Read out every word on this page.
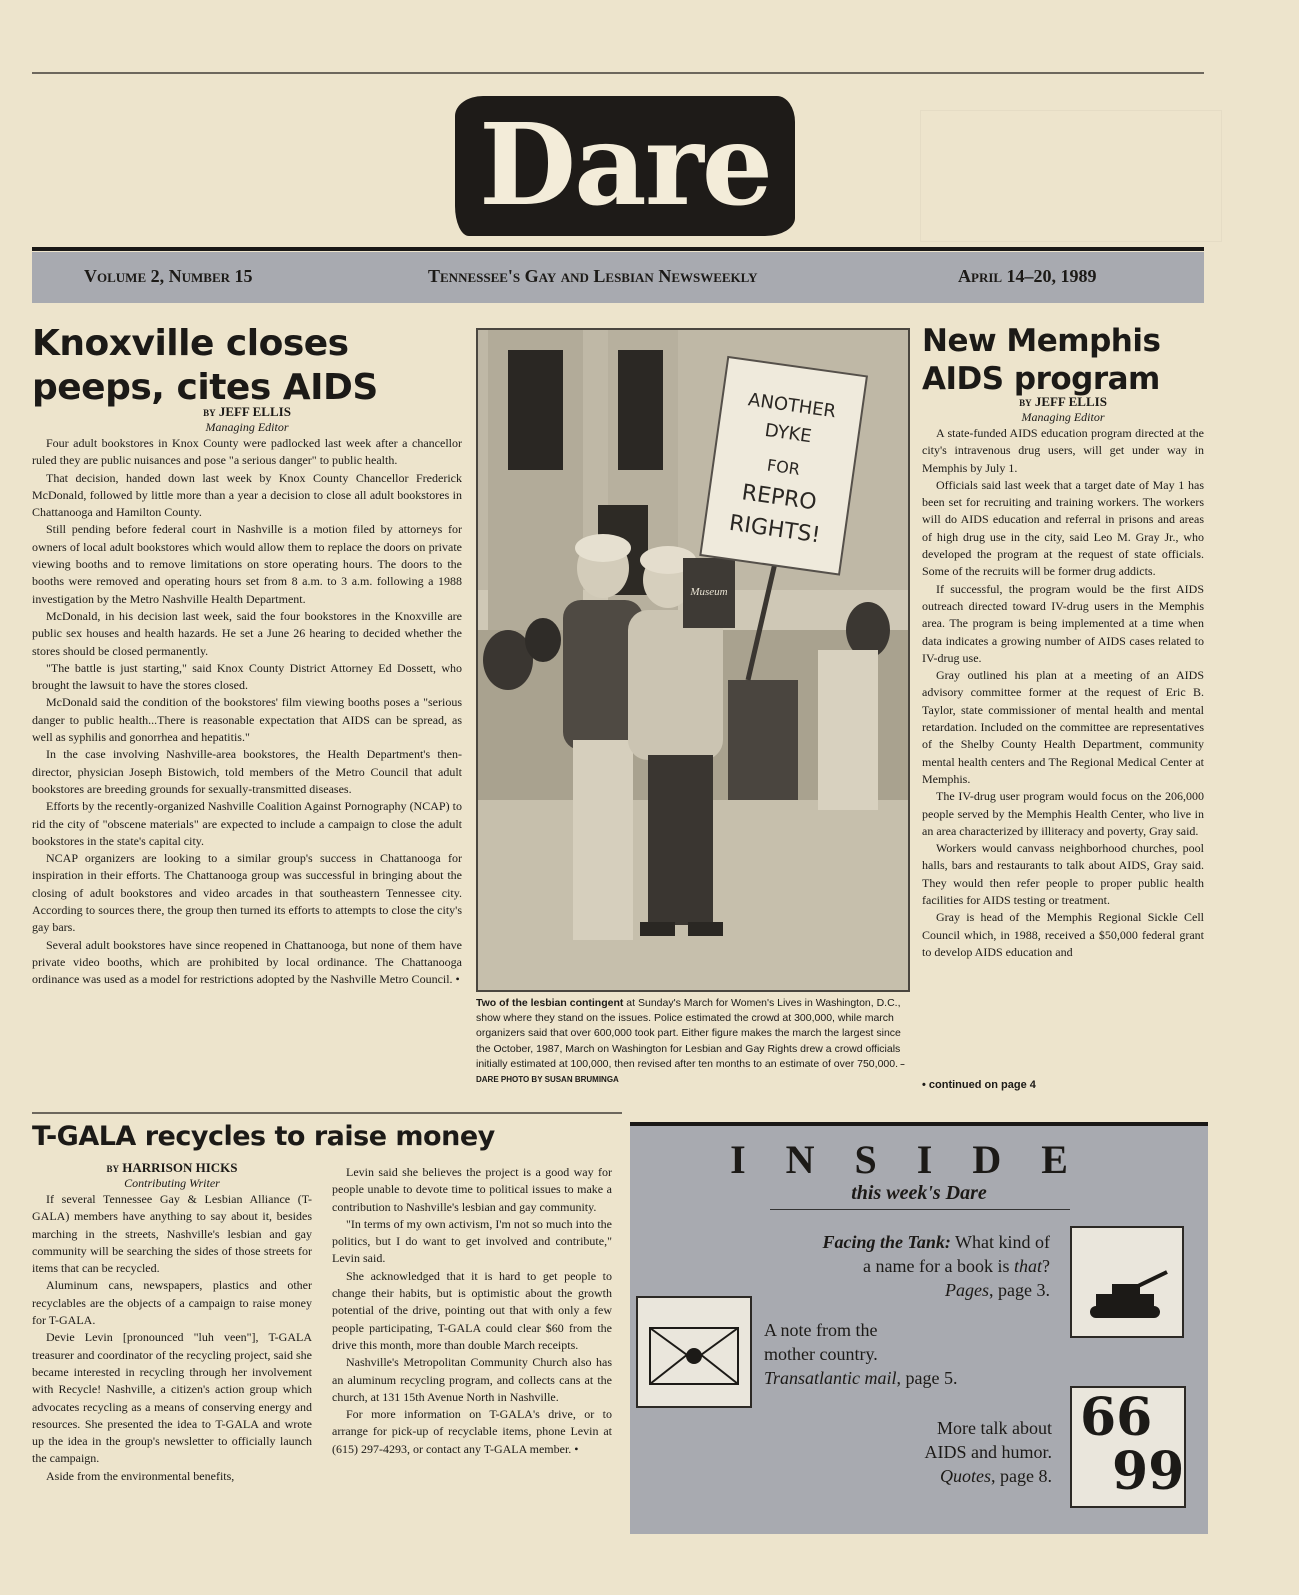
Dare
Volume 2, Number 15	Tennessee's Gay and Lesbian Newsweekly	April 14–20, 1989
Knoxville closes
peeps, cites AIDS
by JEFF ELLIS
Managing Editor

Four adult bookstores in Knox County were padlocked last week after a chancellor ruled they are public nuisances and pose "a serious danger" to public health.

That decision, handed down last week by Knox County Chancellor Frederick McDonald, followed by little more than a year a decision to close all adult bookstores in Chattanooga and Hamilton County.

Still pending before federal court in Nashville is a motion filed by attorneys for owners of local adult bookstores which would allow them to replace the doors on private viewing booths and to remove limitations on store operating hours. The doors to the booths were removed and operating hours set from 8 a.m. to 3 a.m. following a 1988 investigation by the Metro Nashville Health Department.

McDonald, in his decision last week, said the four bookstores in the Knoxville are public sex houses and health hazards. He set a June 26 hearing to decided whether the stores should be closed permanently.

"The battle is just starting," said Knox County District Attorney Ed Dossett, who brought the lawsuit to have the stores closed.

McDonald said the condition of the bookstores' film viewing booths poses a "serious danger to public health...There is reasonable expectation that AIDS can be spread, as well as syphilis and gonorrhea and hepatitis."

In the case involving Nashville-area bookstores, the Health Department's then-director, physician Joseph Bistowich, told members of the Metro Council that adult bookstores are breeding grounds for sexually-transmitted diseases.

Efforts by the recently-organized Nashville Coalition Against Pornography (NCAP) to rid the city of "obscene materials" are expected to include a campaign to close the adult bookstores in the state's capital city.

NCAP organizers are looking to a similar group's success in Chattanooga for inspiration in their efforts. The Chattanooga group was successful in bringing about the closing of adult bookstores and video arcades in that southeastern Tennessee city. According to sources there, the group then turned its efforts to attempts to close the city's gay bars.

Several adult bookstores have since reopened in Chattanooga, but none of them have private video booths, which are prohibited by local ordinance. The Chattanooga ordinance was used as a model for restrictions adopted by the Nashville Metro Council. •

Museum
ANOTHER
DYKE
FOR
REPRO
RIGHTS!
Two of the lesbian contingent at Sunday's March for Women's Lives in Washington, D.C., show where they stand on the issues. Police estimated the crowd at 300,000, while march organizers said that over 600,000 took part. Either figure makes the march the largest since the October, 1987, March on Washington for Lesbian and Gay Rights drew a crowd officials initially estimated at 100,000, then revised after ten months to an estimate of over 750,000. – DARE PHOTO BY SUSAN BRUMINGA
New Memphis
AIDS program
by JEFF ELLIS
Managing Editor

A state-funded AIDS education program directed at the city's intravenous drug users, will get under way in Memphis by July 1.

Officials said last week that a target date of May 1 has been set for recruiting and training workers. The workers will do AIDS education and referral in prisons and areas of high drug use in the city, said Leo M. Gray Jr., who developed the program at the request of state officials. Some of the recruits will be former drug addicts.

If successful, the program would be the first AIDS outreach directed toward IV-drug users in the Memphis area. The program is being implemented at a time when data indicates a growing number of AIDS cases related to IV-drug use.

Gray outlined his plan at a meeting of an AIDS advisory committee former at the request of Eric B. Taylor, state commissioner of mental health and mental retardation. Included on the committee are representatives of the Shelby County Health Department, community mental health centers and The Regional Medical Center at Memphis.

The IV-drug user program would focus on the 206,000 people served by the Memphis Health Center, who live in an area characterized by illiteracy and poverty, Gray said.

Workers would canvass neighborhood churches, pool halls, bars and restaurants to talk about AIDS, Gray said. They would then refer people to proper public health facilities for AIDS testing or treatment.

Gray is head of the Memphis Regional Sickle Cell Council which, in 1988, received a $50,000 federal grant to develop AIDS education and

• continued on page 4
T-GALA recycles to raise money
by HARRISON HICKS
Contributing Writer

If several Tennessee Gay & Lesbian Alliance (T-GALA) members have anything to say about it, besides marching in the streets, Nashville's lesbian and gay community will be searching the sides of those streets for items that can be recycled.

Aluminum cans, newspapers, plastics and other recyclables are the objects of a campaign to raise money for T-GALA.

Devie Levin [pronounced "luh veen"], T-GALA treasurer and coordinator of the recycling project, said she became interested in recycling through her involvement with Recycle! Nashville, a citizen's action group which advocates recycling as a means of conserving energy and resources. She presented the idea to T-GALA and wrote up the idea in the group's newsletter to officially launch the campaign.

Aside from the environmental benefits,

Levin said she believes the project is a good way for people unable to devote time to political issues to make a contribution to Nashville's lesbian and gay community.

"In terms of my own activism, I'm not so much into the politics, but I do want to get involved and contribute," Levin said.

She acknowledged that it is hard to get people to change their habits, but is optimistic about the growth potential of the drive, pointing out that with only a few people participating, T-GALA could clear $60 from the drive this month, more than double March receipts.

Nashville's Metropolitan Community Church also has an aluminum recycling program, and collects cans at the church, at 131 15th Avenue North in Nashville.

For more information on T-GALA's drive, or to arrange for pick-up of recyclable items, phone Levin at (615) 297-4293, or contact any T-GALA member. •

INSIDE
this week's Dare
Facing the Tank: What kind of
a name for a book is that?
Pages, page 3.
A note from the
mother country.
Transatlantic mail, page 5.
More talk about
AIDS and humor.
Quotes, page 8.
66
99
